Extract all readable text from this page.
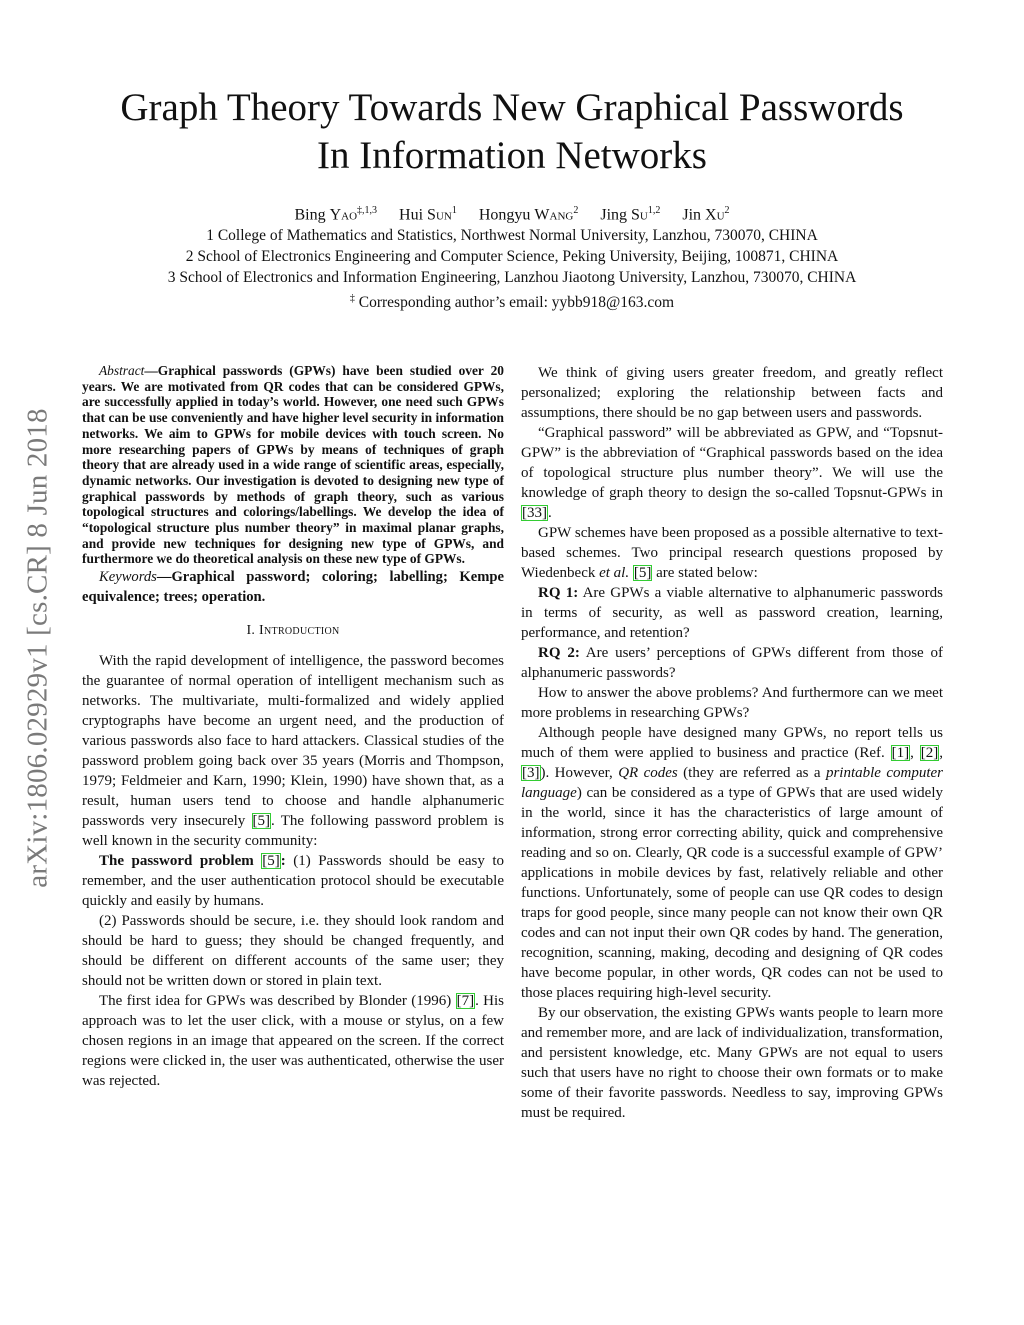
arXiv:1806.02929v1 [cs.CR] 8 Jun 2018
Graph Theory Towards New Graphical Passwords
In Information Networks
Bing Yao$^{\ddagger,1,3}$ Hui Sun$^1$ Hongyu Wang$^2$ Jing Su$^{1,2}$ Jin Xu$^2$
1 College of Mathematics and Statistics, Northwest Normal University, Lanzhou, 730070, CHINA
2 School of Electronics Engineering and Computer Science, Peking University, Beijing, 100871, CHINA
3 School of Electronics and Information Engineering, Lanzhou Jiaotong University, Lanzhou, 730070, CHINA
‡ Corresponding author’s email: yybb918@163.com

Abstract—Graphical passwords (GPWs) have been studied over 20 years. We are motivated from QR codes that can be considered GPWs, are successfully applied in today’s world. However, one need such GPWs that can be use conveniently and have higher level security in information networks. We aim to GPWs for mobile devices with touch screen. No more researching papers of GPWs by means of techniques of graph theory that are already used in a wide range of scientific areas, especially, dynamic networks. Our investigation is devoted to designing new type of graphical passwords by methods of graph theory, such as various topological structures and colorings/labellings. We develop the idea of “topological structure plus number theory” in maximal planar graphs, and provide new techniques for designing new type of GPWs, and furthermore we do theoretical analysis on these new type of GPWs.

Keywords—Graphical password; coloring; labelling; Kempe equivalence; trees; operation.

I. Introduction

With the rapid development of intelligence, the password becomes the guarantee of normal operation of intelligent mechanism such as networks. The multivariate, multi-formalized and widely applied cryptographs have become an urgent need, and the production of various passwords also face to hard attackers. Classical studies of the password problem going back over 35 years (Morris and Thompson, 1979; Feldmeier and Karn, 1990; Klein, 1990) have shown that, as a result, human users tend to choose and handle alphanumeric passwords very insecurely [5]. The following password problem is well known in the security community:

The password problem [5]: (1) Passwords should be easy to remember, and the user authentication protocol should be executable quickly and easily by humans.

(2) Passwords should be secure, i.e. they should look random and should be hard to guess; they should be changed frequently, and should be different on different accounts of the same user; they should not be written down or stored in plain text.

The first idea for GPWs was described by Blonder (1996) [7]. His approach was to let the user click, with a mouse or stylus, on a few chosen regions in an image that appeared on the screen. If the correct regions were clicked in, the user was authenticated, otherwise the user was rejected.

We think of giving users greater freedom, and greatly reflect personalized; exploring the relationship between facts and assumptions, there should be no gap between users and passwords.

“Graphical password” will be abbreviated as GPW, and “Topsnut-GPW” is the abbreviation of “Graphical passwords based on the idea of topological structure plus number theory”. We will use the knowledge of graph theory to design the so-called Topsnut-GPWs in [33].

GPW schemes have been proposed as a possible alternative to text-based schemes. Two principal research questions proposed by Wiedenbeck et al. [5] are stated below:

RQ 1: Are GPWs a viable alternative to alphanumeric passwords in terms of security, as well as password creation, learning, performance, and retention?

RQ 2: Are users’ perceptions of GPWs different from those of alphanumeric passwords?

How to answer the above problems? And furthermore can we meet more problems in researching GPWs?

Although people have designed many GPWs, no report tells us much of them were applied to business and practice (Ref. [1], [2], [3]). However, QR codes (they are referred as a printable computer language) can be considered as a type of GPWs that are used widely in the world, since it has the characteristics of large amount of information, strong error correcting ability, quick and comprehensive reading and so on. Clearly, QR code is a successful example of GPW’ applications in mobile devices by fast, relatively reliable and other functions. Unfortunately, some of people can use QR codes to design traps for good people, since many people can not know their own QR codes and can not input their own QR codes by hand. The generation, recognition, scanning, making, decoding and designing of QR codes have become popular, in other words, QR codes can not be used to those places requiring high-level security.

By our observation, the existing GPWs wants people to learn more and remember more, and are lack of individualization, transformation, and persistent knowledge, etc. Many GPWs are not equal to users such that users have no right to choose their own formats or to make some of their favorite passwords. Needless to say, improving GPWs must be required.
